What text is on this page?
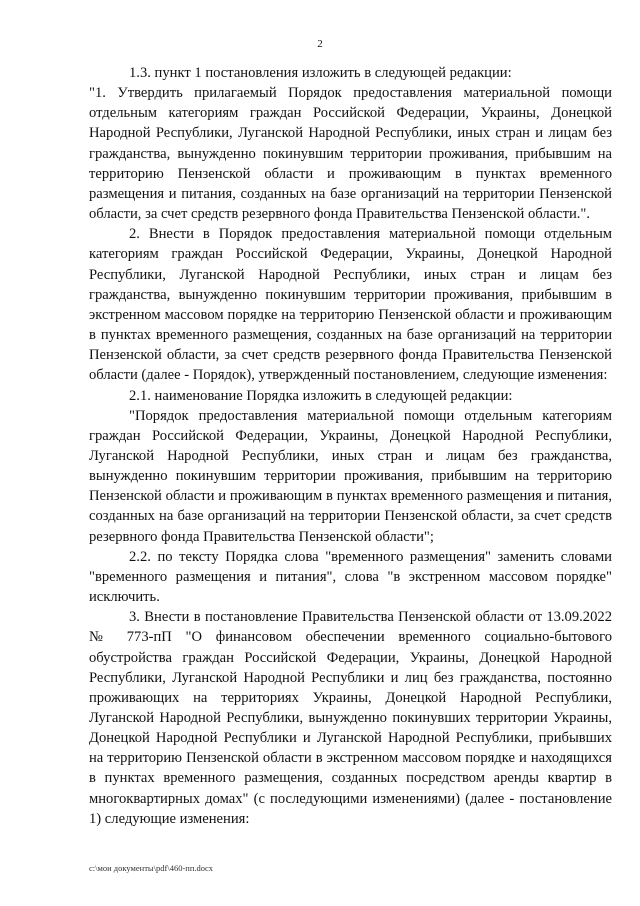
2

1.3. пункт 1 постановления изложить в следующей редакции:

"1. Утвердить прилагаемый Порядок предоставления материальной помощи отдельным категориям граждан Российской Федерации, Украины, Донецкой Народной Республики, Луганской Народной Республики, иных стран и лицам без гражданства, вынужденно покинувшим территории проживания, прибывшим на территорию Пензенской области и проживающим в пунктах временного размещения и питания, созданных на базе организаций на территории Пензенской области, за счет средств резервного фонда Правительства Пензенской области.".

2. Внести в Порядок предоставления материальной помощи отдельным категориям граждан Российской Федерации, Украины, Донецкой Народной Республики, Луганской Народной Республики, иных стран и лицам без гражданства, вынужденно покинувшим территории проживания, прибывшим в экстренном массовом порядке на территорию Пензенской области и проживающим в пунктах временного размещения, созданных на базе организаций на территории Пензенской области, за счет средств резервного фонда Правительства Пензенской области (далее - Порядок), утвержденный постановлением, следующие изменения:

2.1. наименование Порядка изложить в следующей редакции:

"Порядок предоставления материальной помощи отдельным категориям граждан Российской Федерации, Украины, Донецкой Народной Республики, Луганской Народной Республики, иных стран и лицам без гражданства, вынужденно покинувшим территории проживания, прибывшим на территорию Пензенской области и проживающим в пунктах временного размещения и питания, созданных на базе организаций на территории Пензенской области, за счет средств резервного фонда Правительства Пензенской области";

2.2. по тексту Порядка слова "временного размещения" заменить словами "временного размещения и питания", слова "в экстренном массовом порядке" исключить.

3. Внести в постановление Правительства Пензенской области от 13.09.2022 № 773-пП "О финансовом обеспечении временного социально-бытового обустройства граждан Российской Федерации, Украины, Донецкой Народной Республики, Луганской Народной Республики и лиц без гражданства, постоянно проживающих на территориях Украины, Донецкой Народной Республики, Луганской Народной Республики, вынужденно покинувших территории Украины, Донецкой Народной Республики и Луганской Народной Республики, прибывших на территорию Пензенской области в экстренном массовом порядке и находящихся в пунктах временного размещения, созданных посредством аренды квартир в многоквартирных домах" (с последующими изменениями) (далее - постановление 1) следующие изменения:

c:\мои документы\pdf\460-пп.docx
